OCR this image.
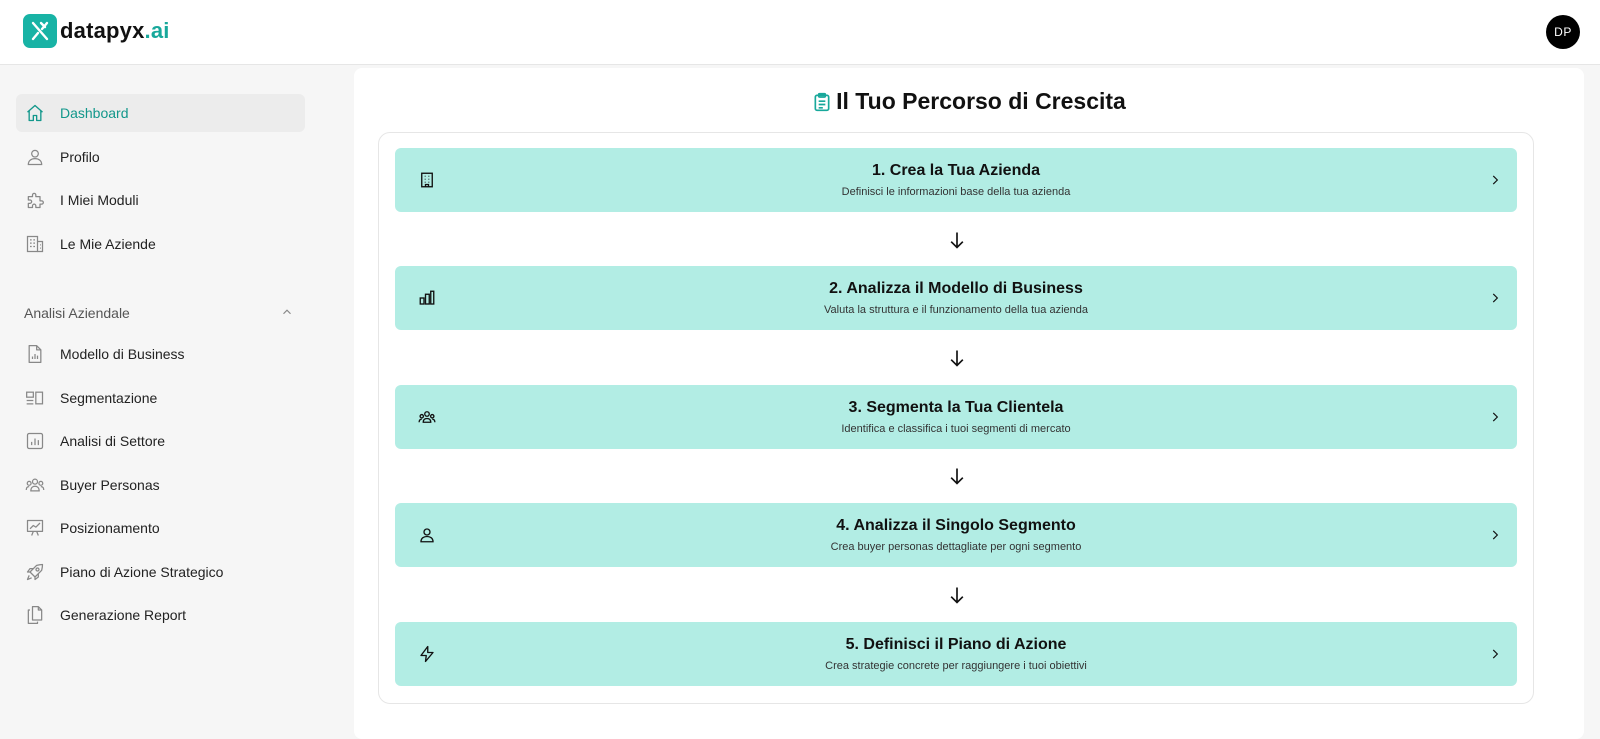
datapyx.ai	DP
Dashboard
Profilo
I Miei Moduli
Le Mie Aziende
Analisi Aziendale
Modello di Business
Segmentazione
Analisi di Settore
Buyer Personas
Posizionamento
Piano di Azione Strategico
Generazione Report
Il Tuo Percorso di Crescita
1. Crea la Tua Azienda
Definisci le informazioni base della tua azienda
2. Analizza il Modello di Business
Valuta la struttura e il funzionamento della tua azienda
3. Segmenta la Tua Clientela
Identifica e classifica i tuoi segmenti di mercato
4. Analizza il Singolo Segmento
Crea buyer personas dettagliate per ogni segmento
5. Definisci il Piano di Azione
Crea strategie concrete per raggiungere i tuoi obiettivi
